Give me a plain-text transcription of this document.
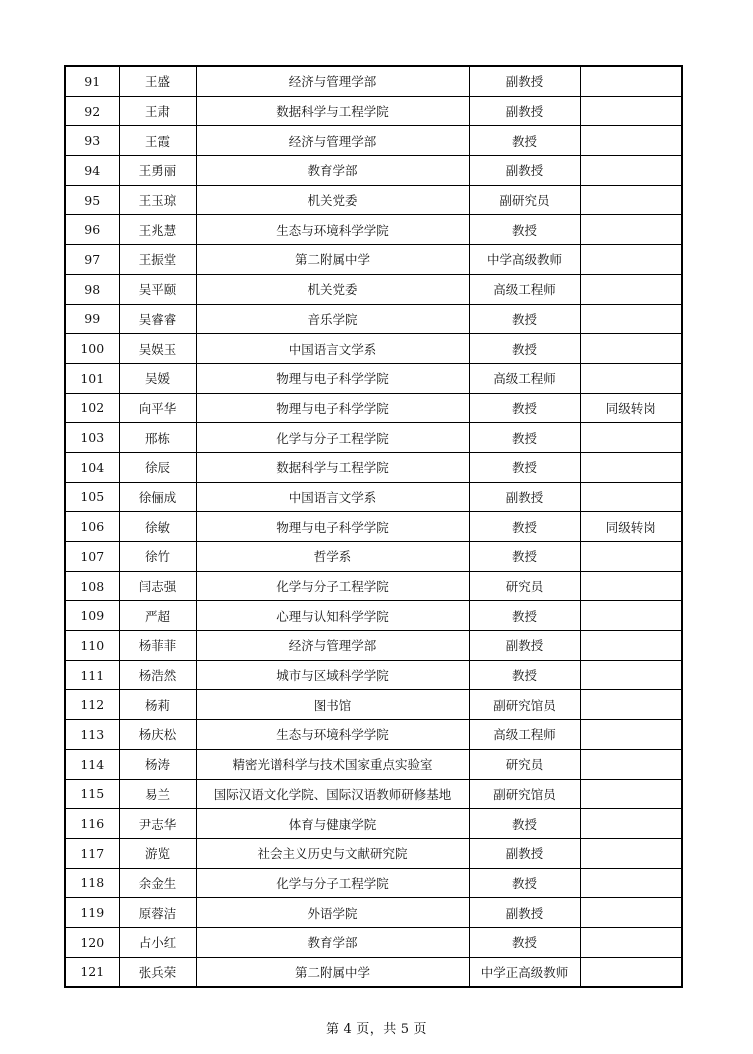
91	王盛	经济与管理学部	副教授	
92	王肃	数据科学与工程学院	副教授	
93	王霞	经济与管理学部	教授	
94	王勇丽	教育学部	副教授	
95	王玉琼	机关党委	副研究员	
96	王兆慧	生态与环境科学学院	教授	
97	王振堂	第二附属中学	中学高级教师	
98	吴平颐	机关党委	高级工程师	
99	吴睿睿	音乐学院	教授	
100	吴娱玉	中国语言文学系	教授	
101	吴媛	物理与电子科学学院	高级工程师	
102	向平华	物理与电子科学学院	教授	同级转岗
103	邢栋	化学与分子工程学院	教授	
104	徐辰	数据科学与工程学院	教授	
105	徐俪成	中国语言文学系	副教授	
106	徐敏	物理与电子科学学院	教授	同级转岗
107	徐竹	哲学系	教授	
108	闫志强	化学与分子工程学院	研究员	
109	严超	心理与认知科学学院	教授	
110	杨菲菲	经济与管理学部	副教授	
111	杨浩然	城市与区域科学学院	教授	
112	杨莉	图书馆	副研究馆员	
113	杨庆松	生态与环境科学学院	高级工程师	
114	杨涛	精密光谱科学与技术国家重点实验室	研究员	
115	易兰	国际汉语文化学院、国际汉语教师研修基地	副研究馆员	
116	尹志华	体育与健康学院	教授	
117	游览	社会主义历史与文献研究院	副教授	
118	余金生	化学与分子工程学院	教授	
119	原蓉洁	外语学院	副教授	
120	占小红	教育学部	教授	
121	张兵荣	第二附属中学	中学正高级教师	
第 4 页，共 5 页
